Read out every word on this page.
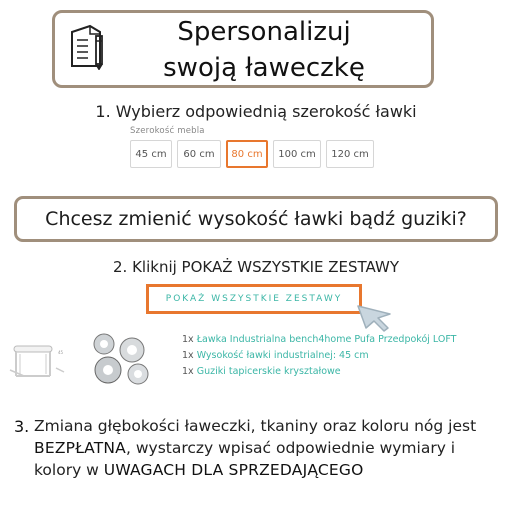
Spersonalizuj
swoją ławeczkę
1. Wybierz odpowiednią szerokość ławki
Szerokość mebla
45 cm	60 cm	80 cm	100 cm	120 cm
Chcesz zmienić wysokość ławki bądź guziki?
2. Kliknij POKAŻ WSZYSTKIE ZESTAWY
POKAŻ WSZYSTKIE ZESTAWY
45
1x Ławka Industrialna bench4home Pufa Przedpokój LOFT
1x Wysokość ławki industrialnej: 45 cm
1x Guziki tapicerskie kryształowe
3. Zmiana głębokości ławeczki, tkaniny oraz koloru nóg jest BEZPŁATNA, wystarczy wpisać odpowiednie wymiary i kolory w UWAGACH DLA SPRZEDAJĄCEGO
